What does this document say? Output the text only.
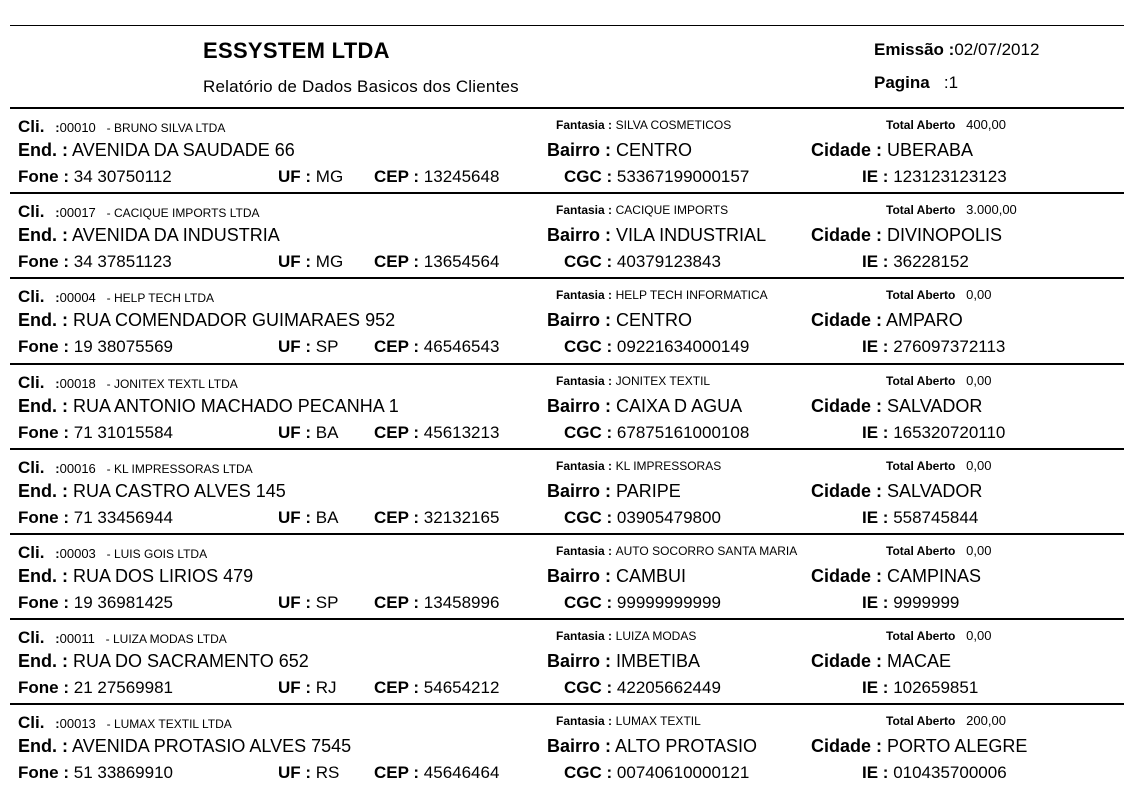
ESSYSTEM LTDA
Relatório de Dados Basicos dos Clientes
Emissão :02/07/2012
Pagina :1
Cli. :00010 - BRUNO SILVA LTDA	Fantasia : SILVA COSMETICOS	Total Aberto 400,00
End. : AVENIDA DA SAUDADE 66	Bairro : CENTRO	Cidade : UBERABA
Fone : 34 30750112	UF : MG CEP : 13245648	CGC : 53367199000157	IE : 123123123123
Cli. :00017 - CACIQUE IMPORTS LTDA	Fantasia : CACIQUE IMPORTS	Total Aberto 3.000,00
End. : AVENIDA DA INDUSTRIA	Bairro : VILA INDUSTRIAL Cidade : DIVINOPOLIS
Fone : 34 37851123	UF : MG CEP : 13654564	CGC : 40379123843	IE : 36228152
Cli. :00004 - HELP TECH LTDA	Fantasia : HELP TECH INFORMATICA	Total Aberto 0,00
End. : RUA COMENDADOR GUIMARAES 952	Bairro : CENTRO	Cidade : AMPARO
Fone : 19 38075569	UF : SP CEP : 46546543	CGC : 09221634000149	IE : 276097372113
Cli. :00018 - JONITEX TEXTL LTDA	Fantasia : JONITEX TEXTIL	Total Aberto 0,00
End. : RUA ANTONIO MACHADO PECANHA 1	Bairro : CAIXA D AGUA	Cidade : SALVADOR
Fone : 71 31015584	UF : BA CEP : 45613213	CGC : 67875161000108	IE : 165320720110
Cli. :00016 - KL IMPRESSORAS LTDA	Fantasia : KL IMPRESSORAS	Total Aberto 0,00
End. : RUA CASTRO ALVES 145	Bairro : PARIPE	Cidade : SALVADOR
Fone : 71 33456944	UF : BA CEP : 32132165	CGC : 03905479800	IE : 558745844
Cli. :00003 - LUIS GOIS LTDA	Fantasia : AUTO SOCORRO SANTA MARIA	Total Aberto 0,00
End. : RUA DOS LIRIOS 479	Bairro : CAMBUI	Cidade : CAMPINAS
Fone : 19 36981425	UF : SP CEP : 13458996	CGC : 99999999999	IE : 9999999
Cli. :00011 - LUIZA MODAS LTDA	Fantasia : LUIZA MODAS	Total Aberto 0,00
End. : RUA DO SACRAMENTO 652	Bairro : IMBETIBA	Cidade : MACAE
Fone : 21 27569981	UF : RJ CEP : 54654212	CGC : 42205662449	IE : 102659851
Cli. :00013 - LUMAX TEXTIL LTDA	Fantasia : LUMAX TEXTIL	Total Aberto 200,00
End. : AVENIDA PROTASIO ALVES 7545	Bairro : ALTO PROTASIO	Cidade : PORTO ALEGRE
Fone : 51 33869910	UF : RS CEP : 45646464	CGC : 00740610000121	IE : 010435700006
